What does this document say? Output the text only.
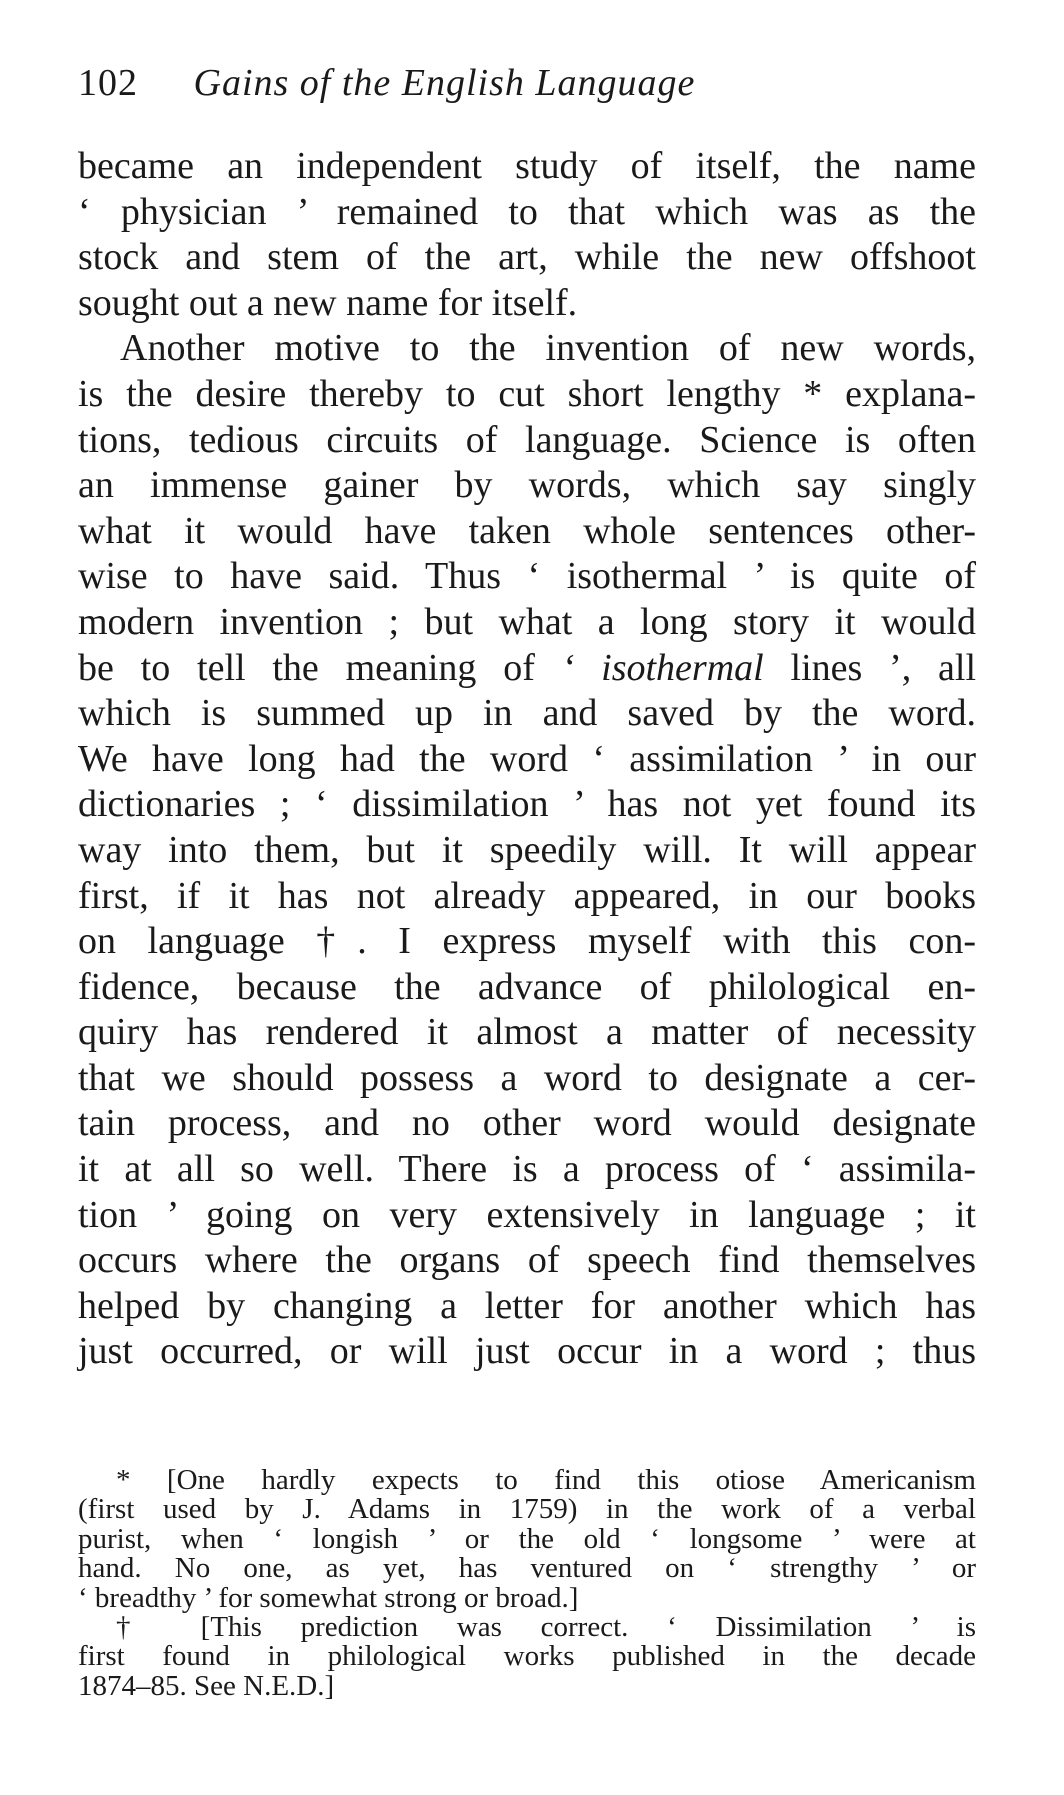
102 Gains of the English Language
became an independent study of itself, the name
‘ physician ’ remained to that which was as the
stock and stem of the art, while the new offshoot
sought out a new name for itself.
Another motive to the invention of new words,
is the desire thereby to cut short lengthy * explana-
tions, tedious circuits of language. Science is often
an immense gainer by words, which say singly
what it would have taken whole sentences other-
wise to have said. Thus ‘ isothermal ’ is quite of
modern invention ; but what a long story it would
be to tell the meaning of ‘ isothermal lines ’, all
which is summed up in and saved by the word.
We have long had the word ‘ assimilation ’ in our
dictionaries ; ‘ dissimilation ’ has not yet found its
way into them, but it speedily will. It will appear
first, if it has not already appeared, in our books
on language †. I express myself with this con-
fidence, because the advance of philological en-
quiry has rendered it almost a matter of necessity
that we should possess a word to designate a cer-
tain process, and no other word would designate
it at all so well. There is a process of ‘ assimila-
tion ’ going on very extensively in language ; it
occurs where the organs of speech find themselves
helped by changing a letter for another which has
just occurred, or will just occur in a word ; thus
* [One hardly expects to find this otiose Americanism
(first used by J. Adams in 1759) in the work of a verbal
purist, when ‘ longish ’ or the old ‘ longsome ’ were at
hand. No one, as yet, has ventured on ‘ strengthy ’ or
‘ breadthy ’ for somewhat strong or broad.]
† [This prediction was correct. ‘ Dissimilation ’ is
first found in philological works published in the decade
1874–85. See N.E.D.]
